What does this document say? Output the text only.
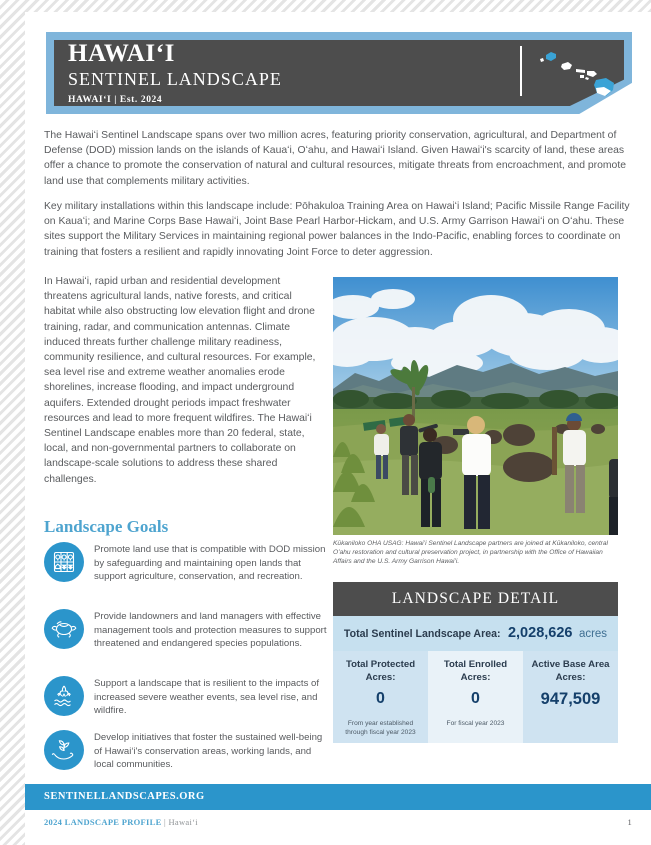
HAWAIʻI
SENTINEL LANDSCAPE
HAWAIʻI | Est. 2024
The Hawaiʻi Sentinel Landscape spans over two million acres, featuring priority conservation, agricultural, and Department of Defense (DOD) mission lands on the islands of Kauaʻi, Oʻahu, and Hawaiʻi Island. Given Hawaiʻi's scarcity of land, these areas offer a chance to promote the conservation of natural and cultural resources, mitigate threats from encroachment, and promote land use that complements military activities.
Key military installations within this landscape include: Pōhakuloa Training Area on Hawaiʻi Island; Pacific Missile Range Facility on Kauaʻi; and Marine Corps Base Hawaiʻi, Joint Base Pearl Harbor-Hickam, and U.S. Army Garrison Hawaiʻi on Oʻahu. These sites support the Military Services in maintaining regional power balances in the Indo-Pacific, enabling forces to coordinate on training that fosters a resilient and rapidly innovating Joint Force to deter aggression.
In Hawaiʻi, rapid urban and residential development threatens agricultural lands, native forests, and critical habitat while also obstructing low elevation flight and drone training, radar, and communication antennas. Climate induced threats further challenge military readiness, community resilience, and cultural resources. For example, sea level rise and extreme weather anomalies erode shorelines, increase flooding, and impact underground aquifers. Extended drought periods impact freshwater resources and lead to more frequent wildfires. The Hawaiʻi Sentinel Landscape enables more than 20 federal, state, local, and non-governmental partners to collaborate on landscape-scale solutions to address these shared challenges.
Kūkaniloko OHA USAG: Hawaiʻi Sentinel Landscape partners are joined at Kūkaniloko, central Oʻahu restoration and cultural preservation project, in partnership with the Office of Hawaiian Affairs and the U.S. Army Garrison Hawaiʻi.
Landscape Goals
Promote land use that is compatible with DOD mission by safeguarding and maintaining open lands that support agriculture, conservation, and recreation.
Provide landowners and land managers with effective management tools and protection measures to support threatened and endangered species populations.
Support a landscape that is resilient to the impacts of increased severe weather events, sea level rise, and wildfire.
Develop initiatives that foster the sustained well-being of Hawaiʻi's conservation areas, working lands, and local communities.
LANDSCAPE DETAIL
Total Sentinel Landscape Area: 2,028,626 acres
Total Protected Acres:
0
From year established through fiscal year 2023
Total Enrolled Acres:
0
For fiscal year 2023
Active Base Area Acres:
947,509
SENTINELLANDSCAPES.ORG
2024 LANDSCAPE PROFILE | Hawaiʻi	1
